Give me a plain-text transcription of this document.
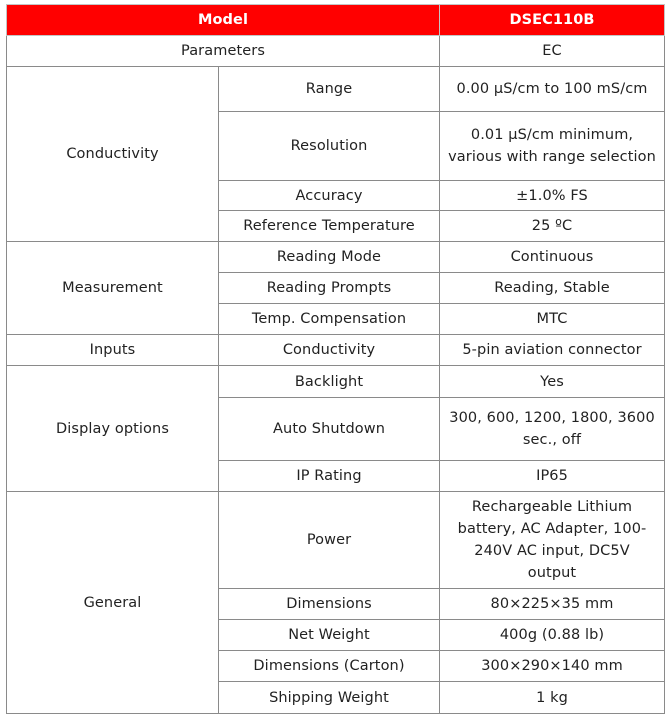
Model		DSEC110B
Parameters		EC
Conductivity	Range	0.00 µS/cm to 100 mS/cm
	Resolution	0.01 µS/cm minimum, various with range selection
	Accuracy	±1.0% FS
	Reference Temperature	25 ºC
Measurement	Reading Mode	Continuous
	Reading Prompts	Reading, Stable
	Temp. Compensation	MTC
Inputs	Conductivity	5-pin aviation connector
Display options	Backlight	Yes
	Auto Shutdown	300, 600, 1200, 1800, 3600 sec., off
	IP Rating	IP65
General	Power	Rechargeable Lithium battery, AC Adapter, 100-240V AC input, DC5V output
	Dimensions	80×225×35 mm
	Net Weight	400g (0.88 lb)
	Dimensions (Carton)	300×290×140 mm
	Shipping Weight	1 kg
